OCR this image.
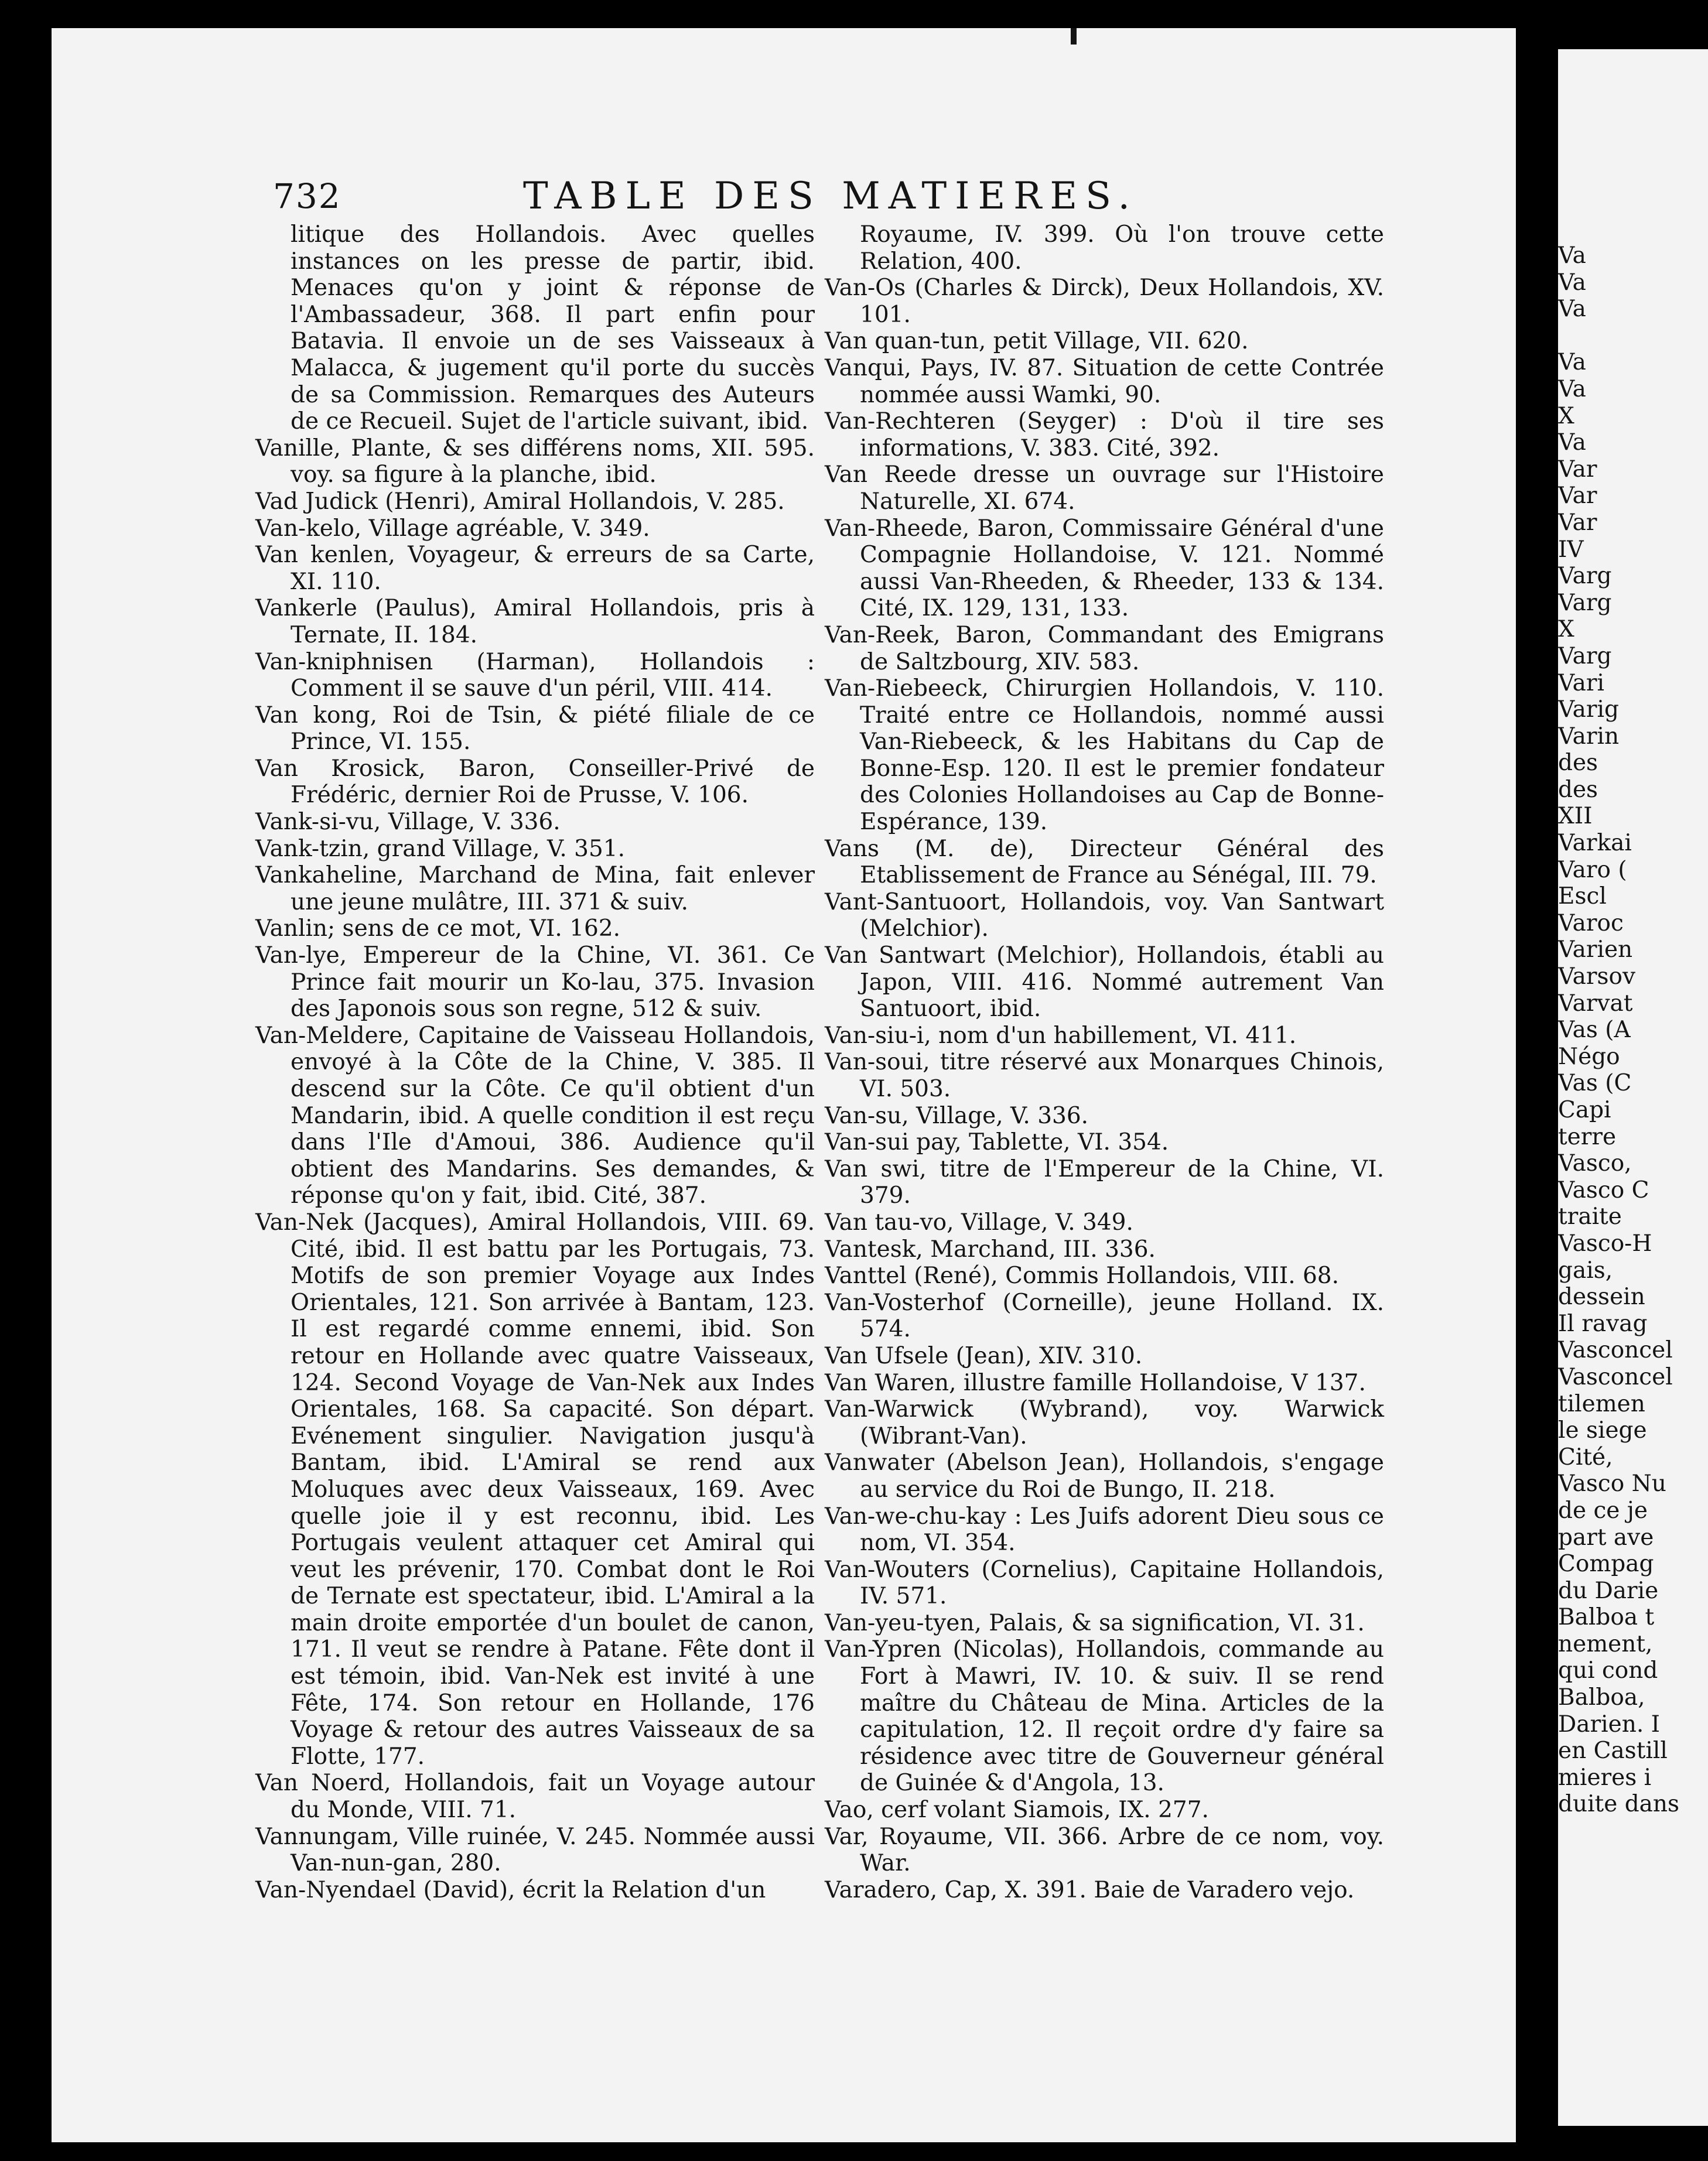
732	TABLE DES MATIERES.

litique des Hollandois. Avec quelles instances on les presse de partir, ibid. Menaces qu'on y joint & réponse de l'Ambassadeur, 368. Il part enfin pour Batavia. Il envoie un de ses Vaisseaux à Malacca, & jugement qu'il porte du succès de sa Commission. Remarques des Auteurs de ce Recueil. Sujet de l'article suivant, ibid.

Vanille, Plante, & ses différens noms, XII. 595. voy. sa figure à la planche, ibid.

Vad Judick (Henri), Amiral Hollandois, V. 285.

Van-kelo, Village agréable, V. 349.

Van kenlen, Voyageur, & erreurs de sa Carte, XI. 110.

Vankerle (Paulus), Amiral Hollandois, pris à Ternate, II. 184.

Van-kniphnisen (Harman), Hollandois : Comment il se sauve d'un péril, VIII. 414.

Van kong, Roi de Tsin, & piété filiale de ce Prince, VI. 155.

Van Krosick, Baron, Conseiller-Privé de Frédéric, dernier Roi de Prusse, V. 106.

Vank-si-vu, Village, V. 336.

Vank-tzin, grand Village, V. 351.

Vankaheline, Marchand de Mina, fait enlever une jeune mulâtre, III. 371 & suiv.

Vanlin; sens de ce mot, VI. 162.

Van-lye, Empereur de la Chine, VI. 361. Ce Prince fait mourir un Ko-lau, 375. Invasion des Japonois sous son regne, 512 & suiv.

Van-Meldere, Capitaine de Vaisseau Hollandois, envoyé à la Côte de la Chine, V. 385. Il descend sur la Côte. Ce qu'il obtient d'un Mandarin, ibid. A quelle condition il est reçu dans l'Ile d'Amoui, 386. Audience qu'il obtient des Mandarins. Ses demandes, & réponse qu'on y fait, ibid. Cité, 387.

Van-Nek (Jacques), Amiral Hollandois, VIII. 69. Cité, ibid. Il est battu par les Portugais, 73. Motifs de son premier Voyage aux Indes Orientales, 121. Son arrivée à Bantam, 123. Il est regardé comme ennemi, ibid. Son retour en Hollande avec quatre Vaisseaux, 124. Second Voyage de Van-Nek aux Indes Orientales, 168. Sa capacité. Son départ. Evénement singulier. Navigation jusqu'à Bantam, ibid. L'Amiral se rend aux Moluques avec deux Vaisseaux, 169. Avec quelle joie il y est reconnu, ibid. Les Portugais veulent attaquer cet Amiral qui veut les prévenir, 170. Combat dont le Roi de Ternate est spectateur, ibid. L'Amiral a la main droite emportée d'un boulet de canon, 171. Il veut se rendre à Patane. Fête dont il est témoin, ibid. Van-Nek est invité à une Fête, 174. Son retour en Hollande, 176 Voyage & retour des autres Vaisseaux de sa Flotte, 177.

Van Noerd, Hollandois, fait un Voyage autour du Monde, VIII. 71.

Vannungam, Ville ruinée, V. 245. Nommée aussi Van-nun-gan, 280.

Van-Nyendael (David), écrit la Relation d'un

Royaume, IV. 399. Où l'on trouve cette Relation, 400.

Van-Os (Charles & Dirck), Deux Hollandois, XV. 101.

Van quan-tun, petit Village, VII. 620.

Vanqui, Pays, IV. 87. Situation de cette Contrée nommée aussi Wamki, 90.

Van-Rechteren (Seyger) : D'où il tire ses informations, V. 383. Cité, 392.

Van Reede dresse un ouvrage sur l'Histoire Naturelle, XI. 674.

Van-Rheede, Baron, Commissaire Général d'une Compagnie Hollandoise, V. 121. Nommé aussi Van-Rheeden, & Rheeder, 133 & 134. Cité, IX. 129, 131, 133.

Van-Reek, Baron, Commandant des Emigrans de Saltzbourg, XIV. 583.

Van-Riebeeck, Chirurgien Hollandois, V. 110. Traité entre ce Hollandois, nommé aussi Van-Riebeeck, & les Habitans du Cap de Bonne-Esp. 120. Il est le premier fondateur des Colonies Hollandoises au Cap de Bonne-Espérance, 139.

Vans (M. de), Directeur Général des Etablissement de France au Sénégal, III. 79.

Vant-Santuoort, Hollandois, voy. Van Santwart (Melchior).

Van Santwart (Melchior), Hollandois, établi au Japon, VIII. 416. Nommé autrement Van Santuoort, ibid.

Van-siu-i, nom d'un habillement, VI. 411.

Van-soui, titre réservé aux Monarques Chinois, VI. 503.

Van-su, Village, V. 336.

Van-sui pay, Tablette, VI. 354.

Van swi, titre de l'Empereur de la Chine, VI. 379.

Van tau-vo, Village, V. 349.

Vantesk, Marchand, III. 336.

Vanttel (René), Commis Hollandois, VIII. 68.

Van-Vosterhof (Corneille), jeune Holland. IX. 574.

Van Ufsele (Jean), XIV. 310.

Van Waren, illustre famille Hollandoise, V 137.

Van-Warwick (Wybrand), voy. Warwick (Wibrant-Van).

Vanwater (Abelson Jean), Hollandois, s'engage au service du Roi de Bungo, II. 218.

Van-we-chu-kay : Les Juifs adorent Dieu sous ce nom, VI. 354.

Van-Wouters (Cornelius), Capitaine Hollandois, IV. 571.

Van-yeu-tyen, Palais, & sa signification, VI. 31.

Van-Ypren (Nicolas), Hollandois, commande au Fort à Mawri, IV. 10. & suiv. Il se rend maître du Château de Mina. Articles de la capitulation, 12. Il reçoit ordre d'y faire sa résidence avec titre de Gouverneur général de Guinée & d'Angola, 13.

Vao, cerf volant Siamois, IX. 277.

Var, Royaume, VII. 366. Arbre de ce nom, voy. War.

Varadero, Cap, X. 391. Baie de Varadero vejo.

Va
Va
Va

Va
Va
X
Va
Var
Var
Var
IV
Varg
Varg
X
Varg
Vari
Varig
Varin
des
des
XII
Varkai
Varo (
Escl
Varoc
Varien
Varsov
Varvat
Vas (A
Négo
Vas (C
Capi
terre
Vasco,
Vasco C
traite
Vasco-H
gais,
dessein
Il ravag
Vasconcel
Vasconcel
tilemen
le siege
Cité,
Vasco Nu
de ce je
part ave
Compag
du Darie
Balboa t
nement,
qui cond
Balboa,
Darien. I
en Castill
mieres i
duite dans
